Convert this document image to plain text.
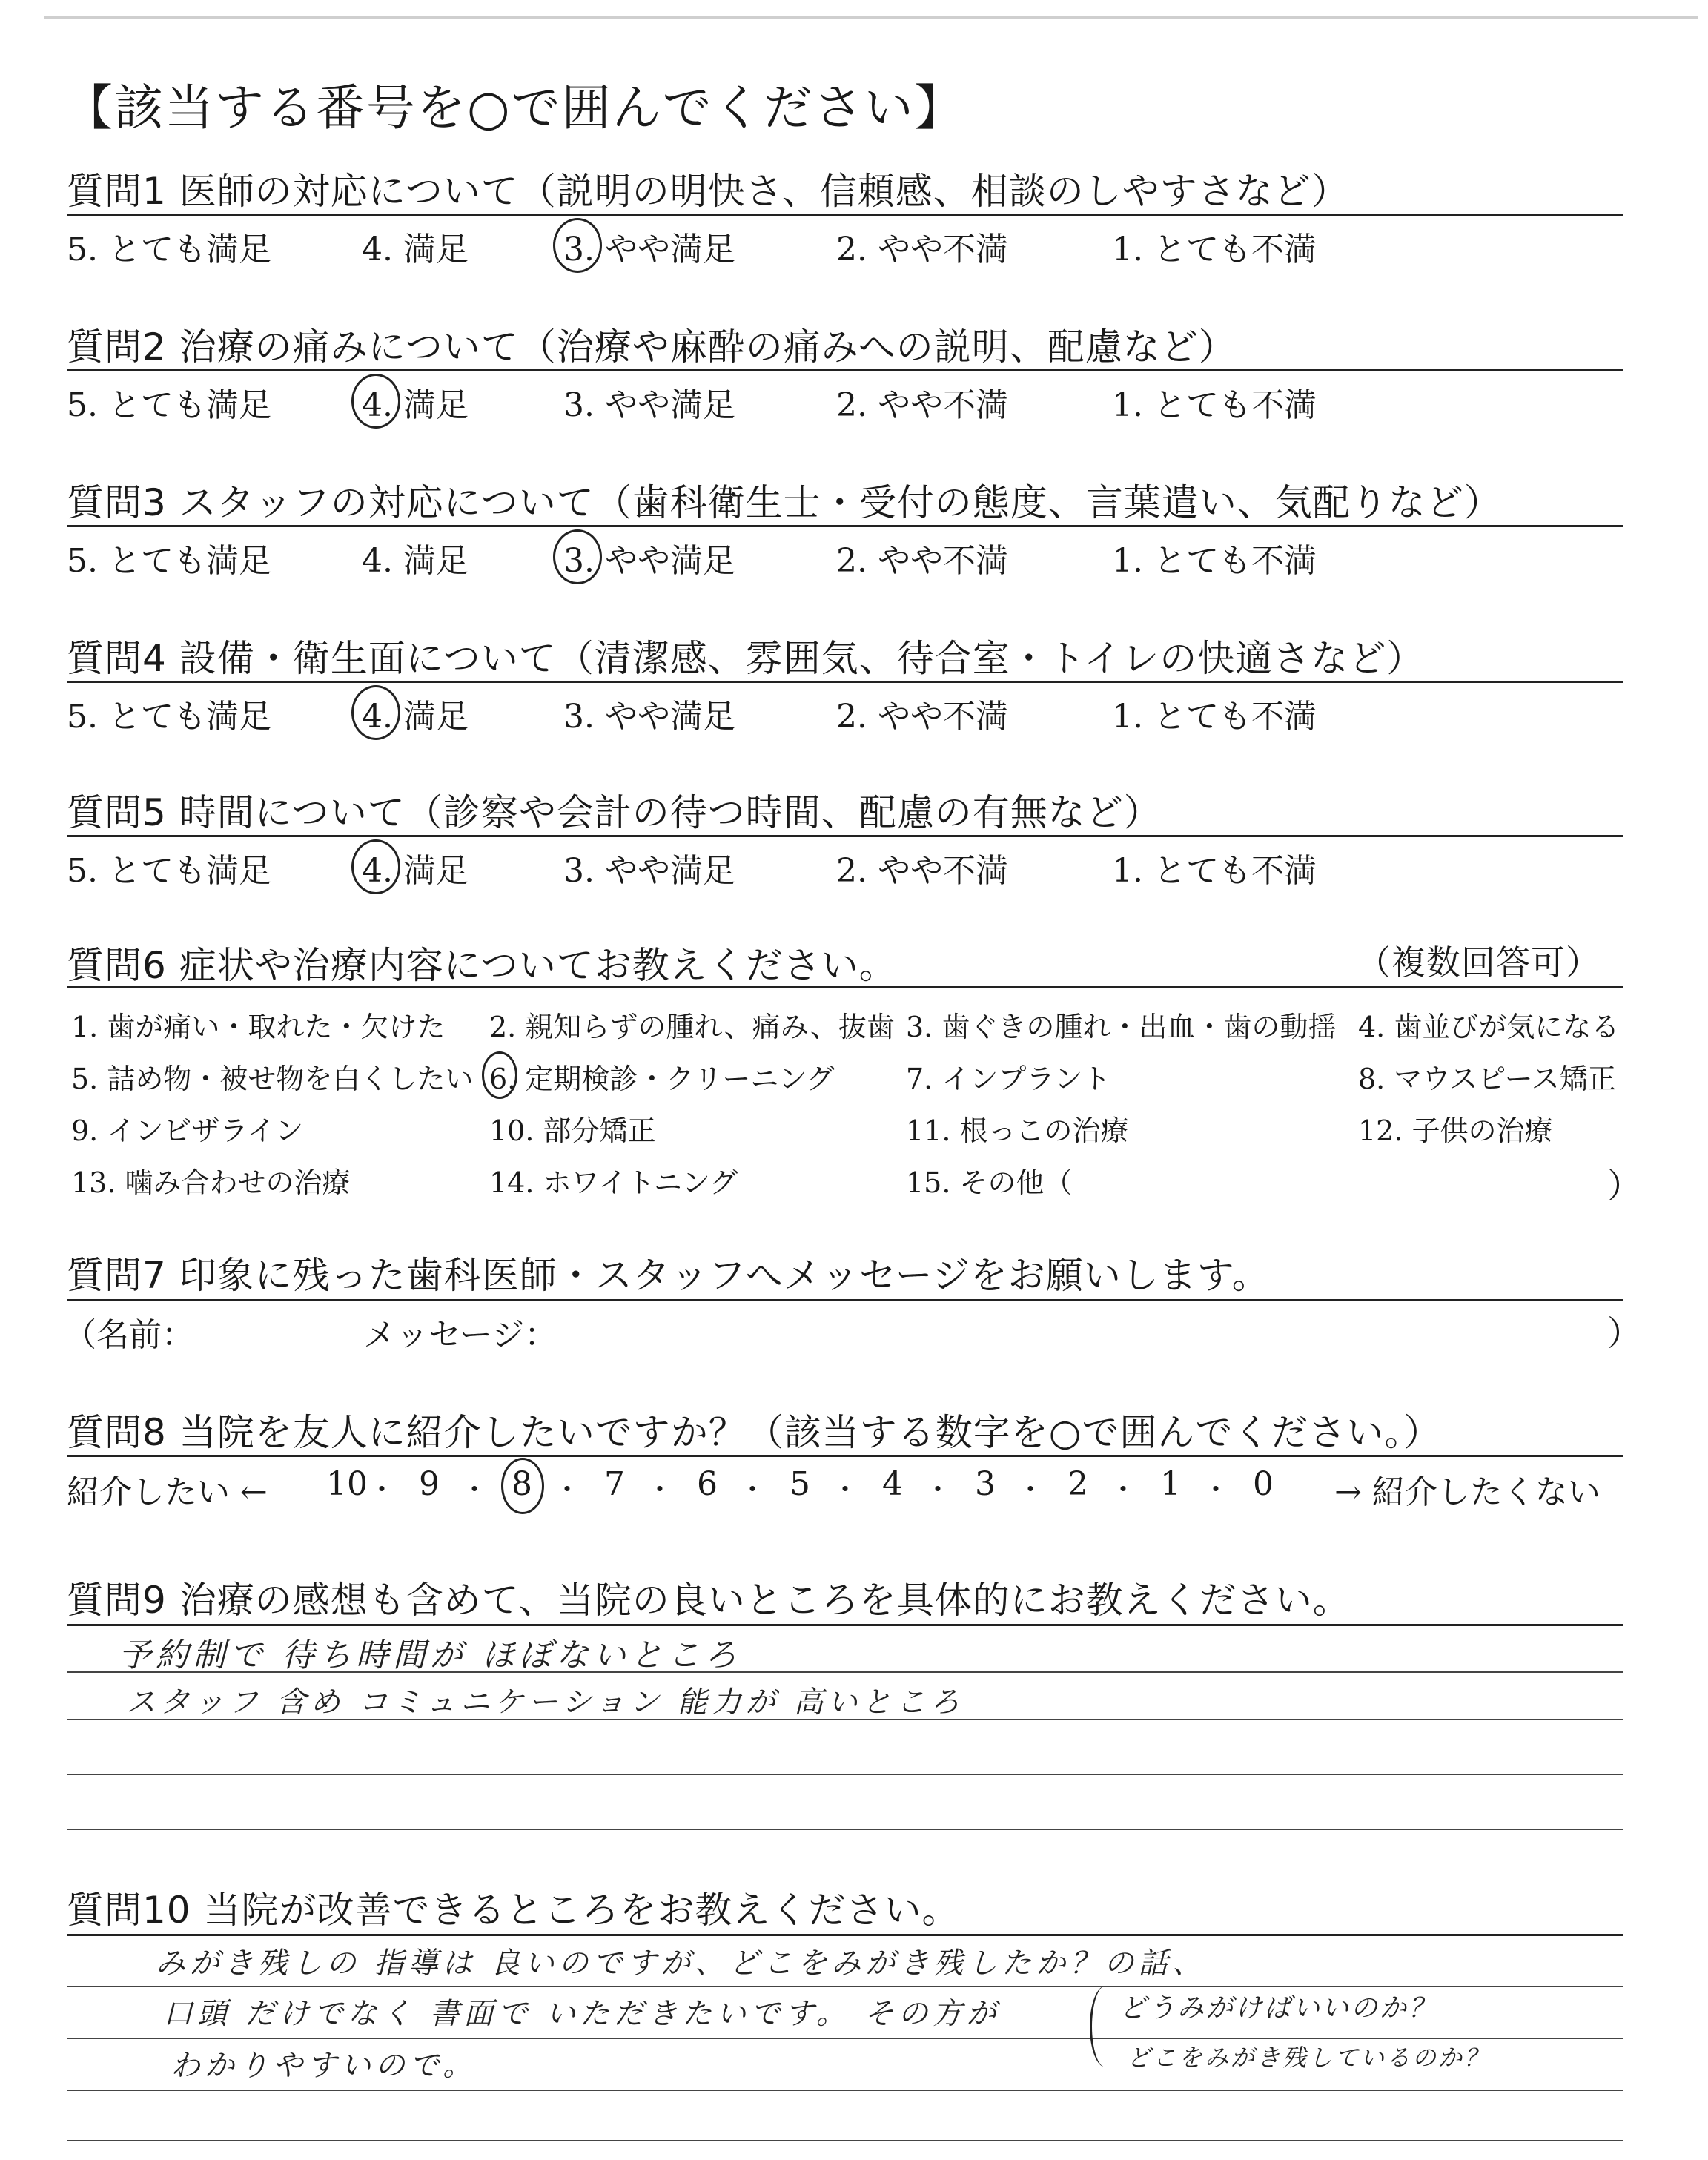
【該当する番号を○で囲んでください】
質問1 医師の対応について（説明の明快さ、信頼感、相談のしやすさなど）
5. とても満足	4. 満足	3. やや満足	2. やや不満	1. とても不満
質問2 治療の痛みについて（治療や麻酔の痛みへの説明、配慮など）
5. とても満足	4. 満足	3. やや満足	2. やや不満	1. とても不満
質問3 スタッフの対応について（歯科衛生士・受付の態度、言葉遣い、気配りなど）
5. とても満足	4. 満足	3. やや満足	2. やや不満	1. とても不満
質問4 設備・衛生面について（清潔感、雰囲気、待合室・トイレの快適さなど）
5. とても満足	4. 満足	3. やや満足	2. やや不満	1. とても不満
質問5 時間について（診察や会計の待つ時間、配慮の有無など）
5. とても満足	4. 満足	3. やや満足	2. やや不満	1. とても不満
質問6 症状や治療内容についてお教えください。	（複数回答可）
1. 歯が痛い・取れた・欠けた 2. 親知らずの腫れ、痛み、抜歯 3. 歯ぐきの腫れ・出血・歯の動揺 4. 歯並びが気になる
5. 詰め物・被せ物を白くしたい 6. 定期検診・クリーニング	7. インプラント	8. マウスピース矯正
9. インビザライン	10. 部分矯正	11. 根っこの治療	12. 子供の治療
13. 噛み合わせの治療	14. ホワイトニング	15. その他（	）
質問7 印象に残った歯科医師・スタッフへメッセージをお願いします。
（名前：	メッセージ：	）
質問8 当院を友人に紹介したいですか？（該当する数字を○で囲んでください。）
紹介したい ← 10 ・ 9 ・ 8 ・ 7 ・ 6 ・ 5 ・ 4 ・ 3 ・ 2 ・ 1 ・ 0 → 紹介したくない
質問9 治療の感想も含めて、当院の良いところを具体的にお教えください。
予約制で 待ち時間が ほぼないところ
スタッフ 含め コミュニケーション 能力が 高いところ
質問10 当院が改善できるところをお教えください。
みがき残しの 指導は 良いのですが、どこをみがき残したか？の話、
口頭 だけでなく 書面で いただきたいです。 その方が	どうみがけばいいのか？
わかりやすいので。	どこをみがき残しているのか？
